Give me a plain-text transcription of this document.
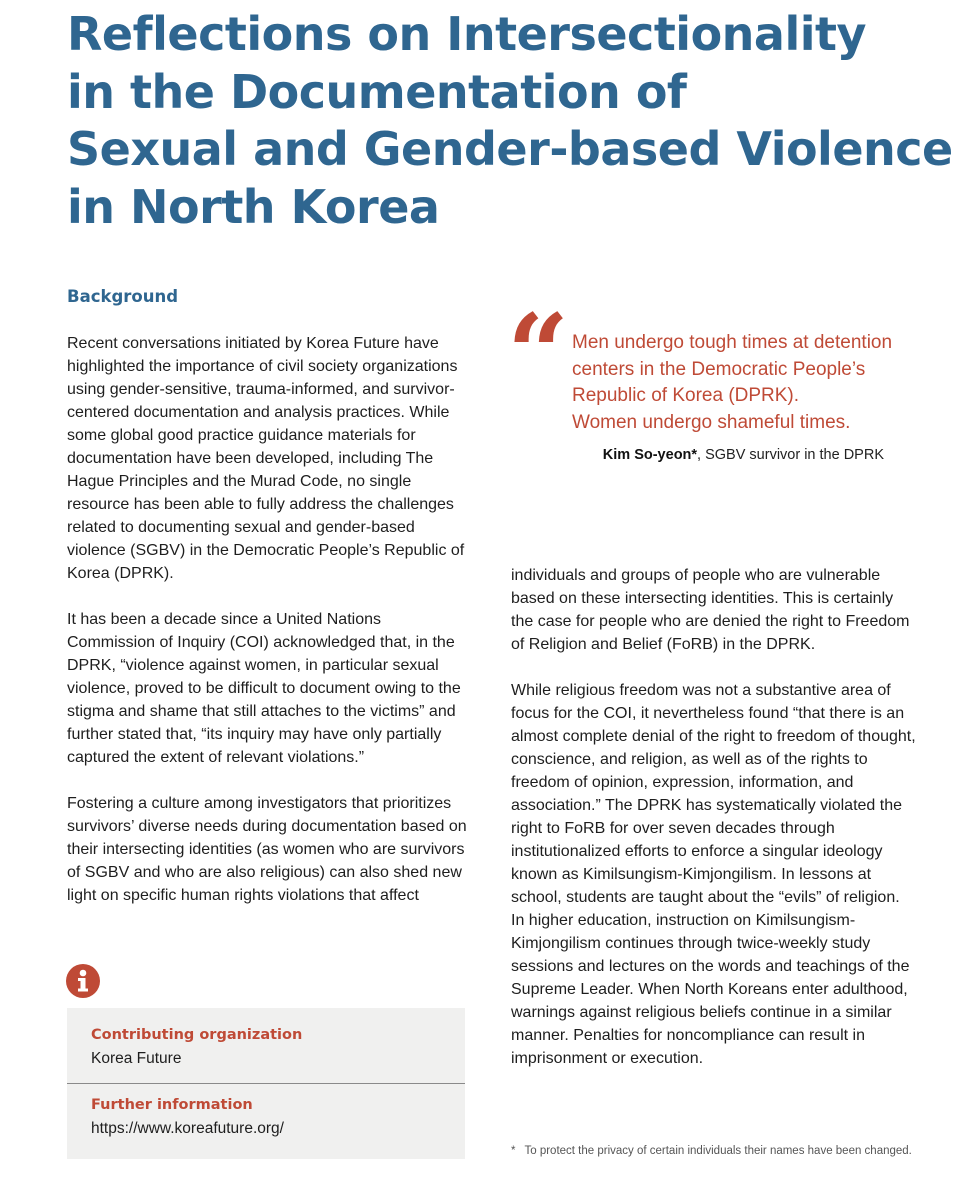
Reflections on Intersectionality
in the Documentation of
Sexual and Gender-based Violence
in North Korea
Background

Recent conversations initiated by Korea Future have highlighted the importance of civil society organizations using gender-sensitive, trauma-informed, and survivor-centered documentation and analysis practices. While some global good practice guidance materials for documentation have been developed, including The Hague Principles and the Murad Code, no single resource has been able to fully address the challenges related to documenting sexual and gender-based violence (SGBV) in the Democratic People’s Republic of Korea (DPRK).

It has been a decade since a United Nations Commission of Inquiry (COI) acknowledged that, in the DPRK, “violence against women, in particular sexual violence, proved to be difficult to document owing to the stigma and shame that still attaches to the victims” and further stated that, “its inquiry may have only partially captured the extent of relevant violations.”

Fostering a culture among investigators that prioritizes survivors’ diverse needs during documentation based on their intersecting identities (as women who are survivors of SGBV and who are also religious) can also shed new light on specific human rights violations that affect

“ Men undergo tough times at detention
centers in the Democratic People’s
Republic of Korea (DPRK).
Women undergo shameful times.
Kim So-yeon*, SGBV survivor in the DPRK

individuals and groups of people who are vulnerable based on these intersecting identities. This is certainly the case for people who are denied the right to Freedom of Religion and Belief (FoRB) in the DPRK.

While religious freedom was not a substantive area of focus for the COI, it nevertheless found “that there is an almost complete denial of the right to freedom of thought, conscience, and religion, as well as of the rights to freedom of opinion, expression, information, and association.” The DPRK has systematically violated the right to FoRB for over seven decades through institutionalized efforts to enforce a singular ideology known as Kimilsungism-Kimjongilism. In lessons at school, students are taught about the “evils” of religion. In higher education, instruction on Kimilsungism-Kimjongilism continues through twice-weekly study sessions and lectures on the words and teachings of the Supreme Leader. When North Koreans enter adulthood, warnings against religious beliefs continue in a similar manner. Penalties for noncompliance can result in imprisonment or execution.

Contributing organization
Korea Future
Further information
https://www.koreafuture.org/
* To protect the privacy of certain individuals their names have been changed.
